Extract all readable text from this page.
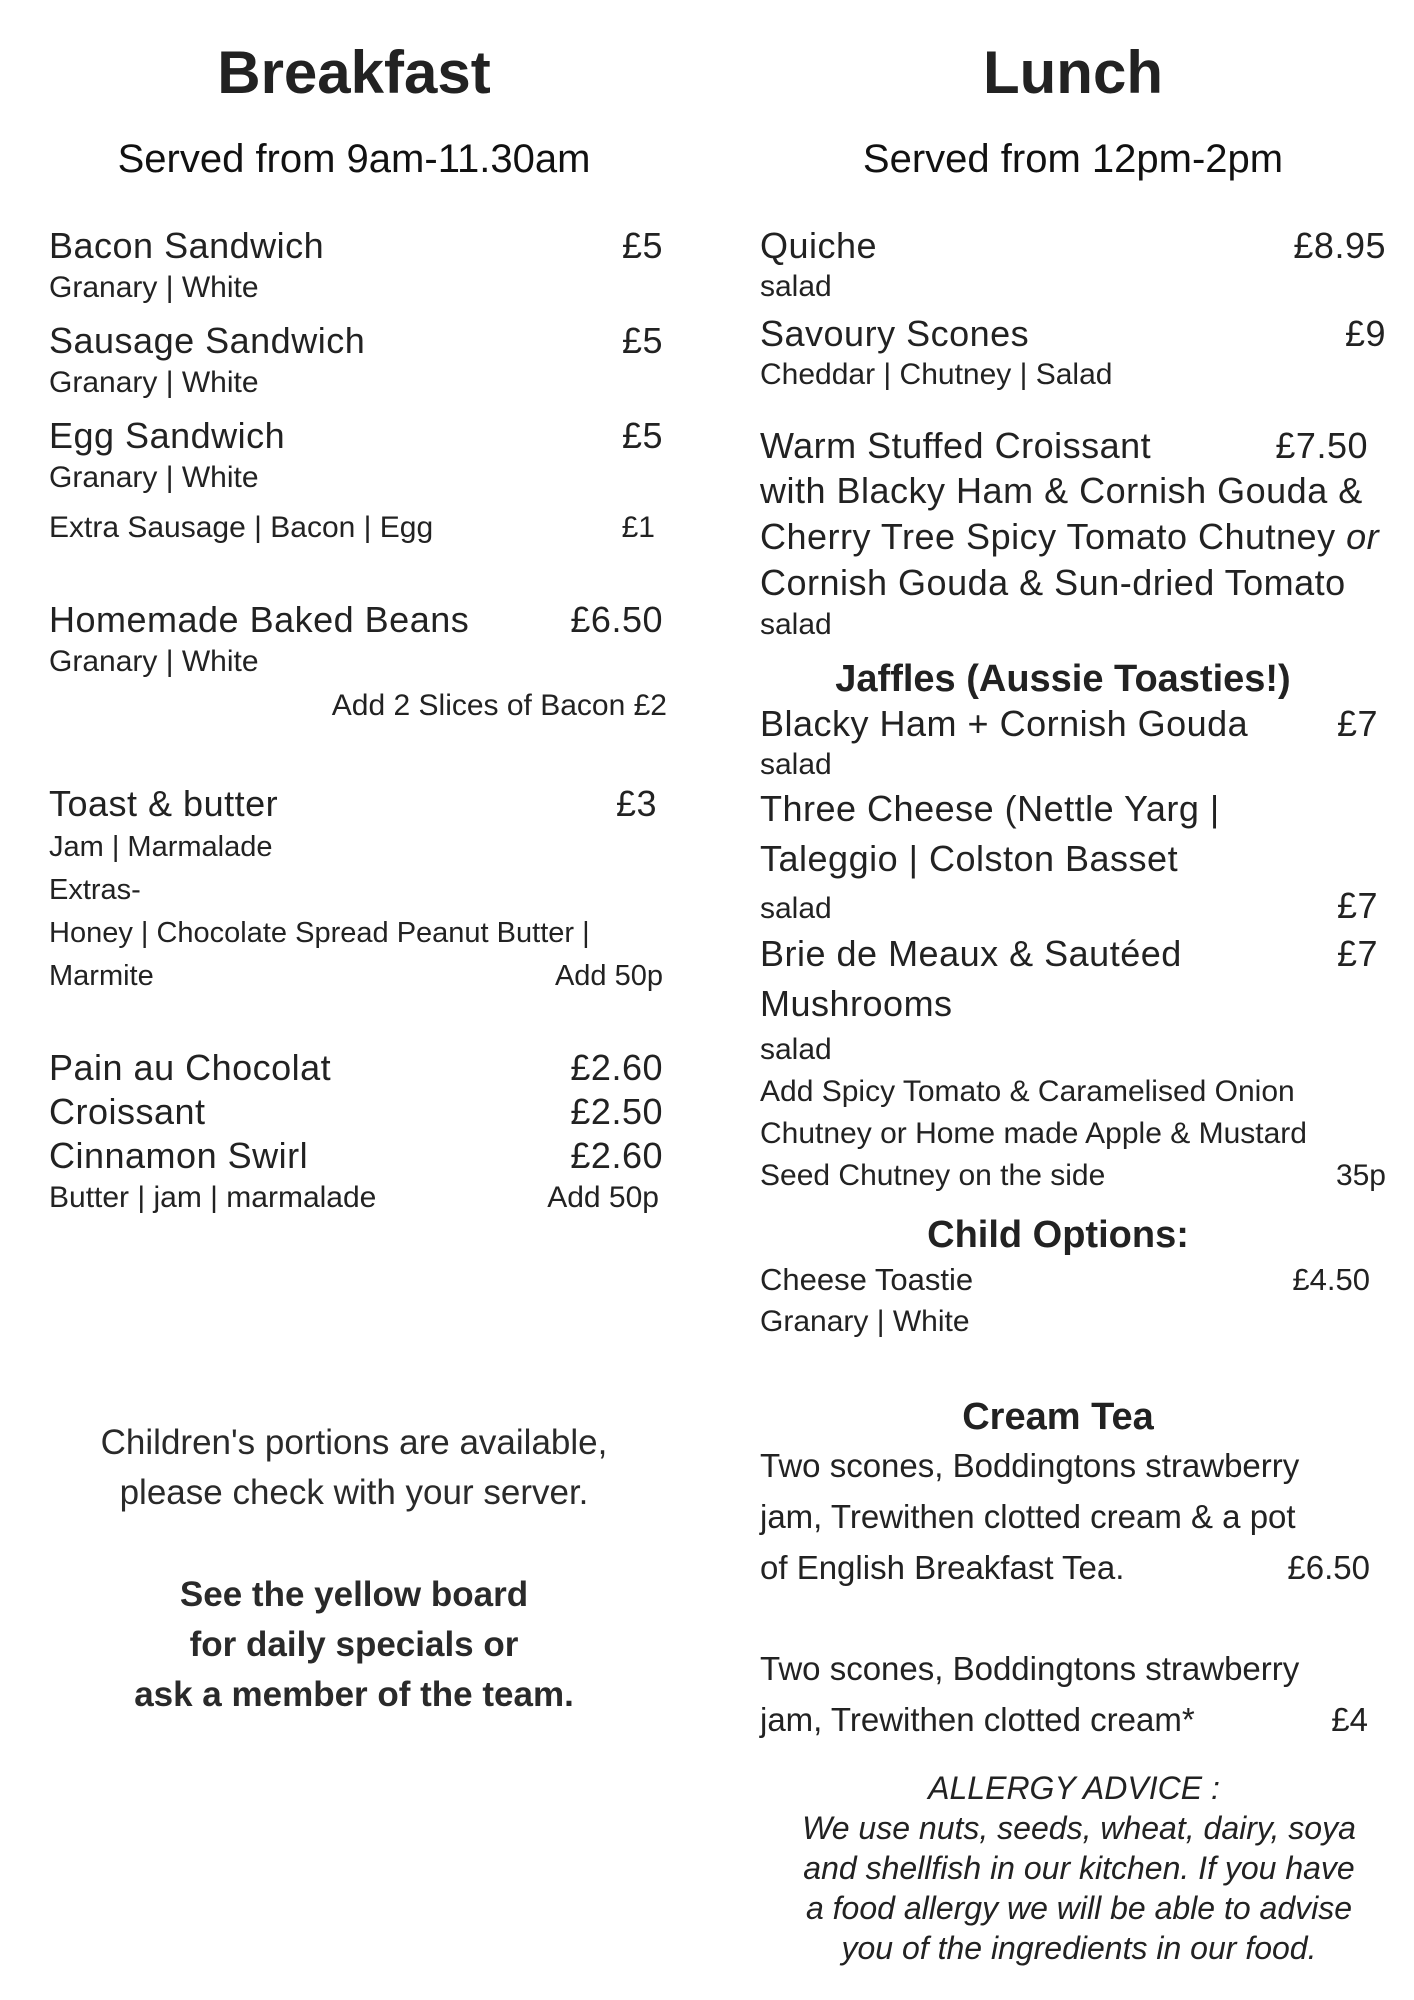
Breakfast
Served from 9am-11.30am
Bacon Sandwich	£5
Granary | White
Sausage Sandwich	£5
Granary | White
Egg Sandwich	£5
Granary | White
Extra Sausage | Bacon | Egg	£1
Homemade Baked Beans	£6.50
Granary | White
Add 2 Slices of Bacon £2
Toast & butter	£3
Jam | Marmalade
Extras-
Honey | Chocolate Spread Peanut Butter |
Marmite	Add 50p
Pain au Chocolat	£2.60
Croissant	£2.50
Cinnamon Swirl	£2.60
Butter | jam | marmalade	Add 50p
Children's portions are available,
please check with your server.
See the yellow board
for daily specials or
ask a member of the team.
Lunch
Served from 12pm-2pm
Quiche	£8.95
salad
Savoury Scones	£9
Cheddar | Chutney | Salad
Warm Stuffed Croissant	£7.50
with Blacky Ham & Cornish Gouda &
Cherry Tree Spicy Tomato Chutney or
Cornish Gouda & Sun-dried Tomato
salad
Jaffles (Aussie Toasties!)
Blacky Ham + Cornish Gouda £7
salad
Three Cheese (Nettle Yarg |
Taleggio | Colston Basset
salad	£7
Brie de Meaux & Sautéed	£7
Mushrooms
salad
Add Spicy Tomato & Caramelised Onion
Chutney or Home made Apple & Mustard
Seed Chutney on the side	35p
Child Options:
Cheese Toastie	£4.50
Granary | White
Cream Tea
Two scones, Boddingtons strawberry
jam, Trewithen clotted cream & a pot
of English Breakfast Tea.	£6.50
Two scones, Boddingtons strawberry
jam, Trewithen clotted cream*	£4
ALLERGY ADVICE :
We use nuts, seeds, wheat, dairy, soya
and shellfish in our kitchen. If you have
a food allergy we will be able to advise
you of the ingredients in our food.
